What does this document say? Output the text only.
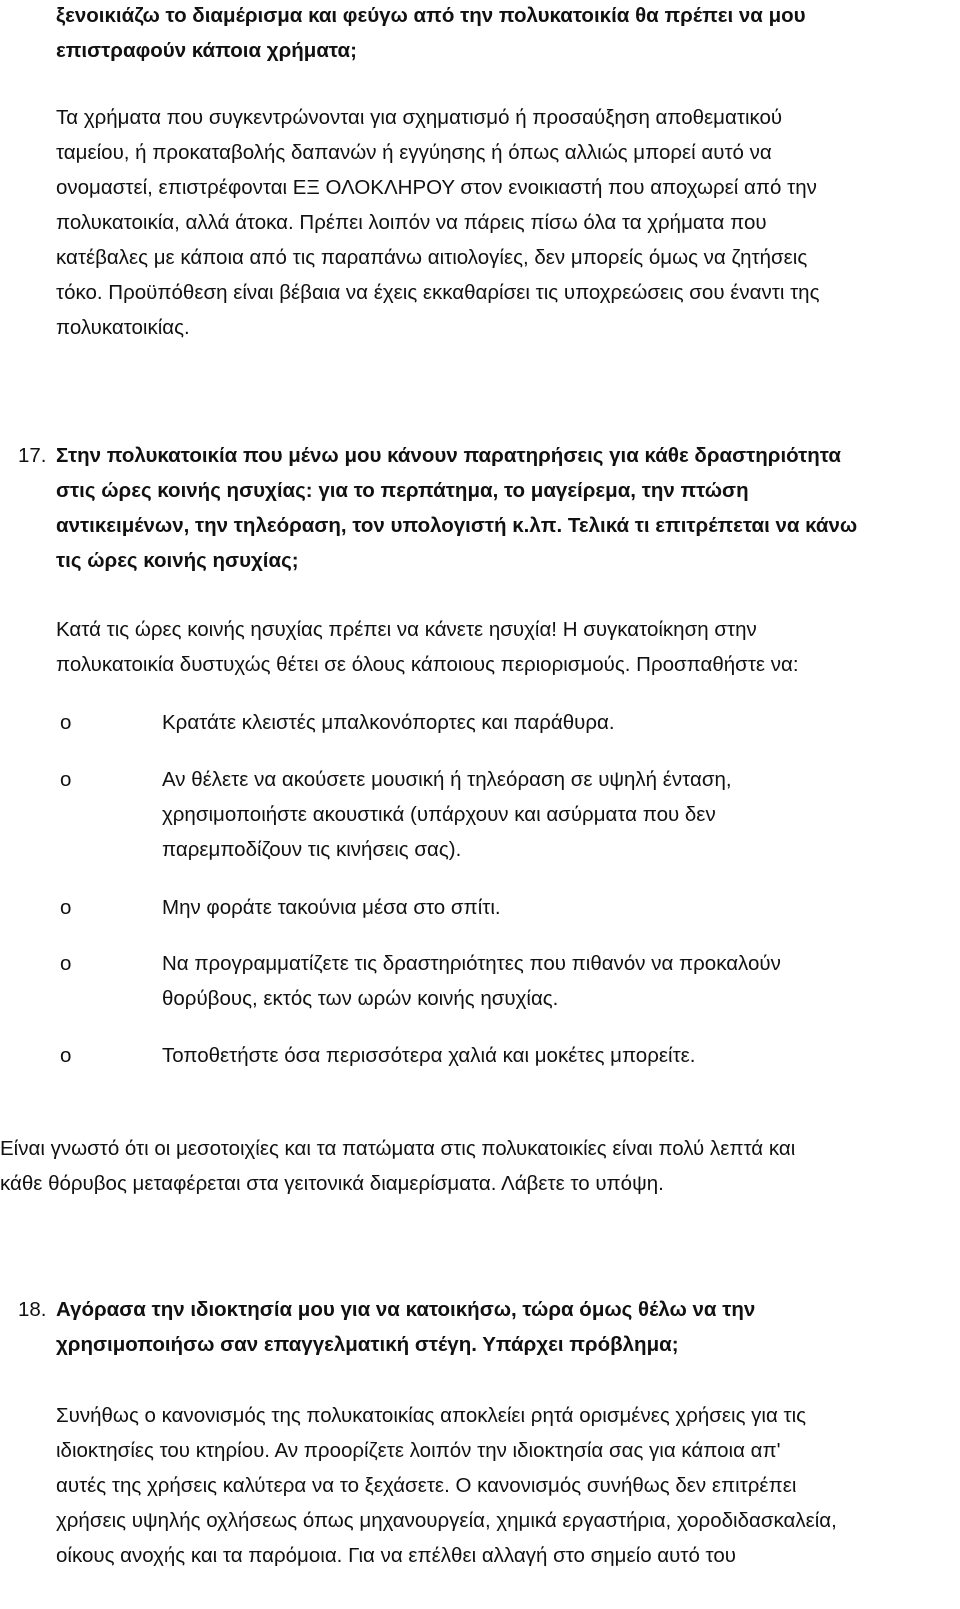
ξενοικιάζω το διαμέρισμα και φεύγω από την πολυκατοικία θα πρέπει να μου

επιστραφούν κάποια χρήματα;

Τα χρήματα που συγκεντρώνονται για σχηματισμό ή προσαύξηση αποθεματικού

ταμείου, ή προκαταβολής δαπανών ή εγγύησης ή όπως αλλιώς μπορεί αυτό να

ονομαστεί, επιστρέφονται ΕΞ ΟΛΟΚΛΗΡΟΥ στον ενοικιαστή που αποχωρεί από την

πολυκατοικία, αλλά άτοκα. Πρέπει λοιπόν να πάρεις πίσω όλα τα χρήματα που

κατέβαλες με κάποια από τις παραπάνω αιτιολογίες, δεν μπορείς όμως να ζητήσεις

τόκο. Προϋπόθεση είναι βέβαια να έχεις εκκαθαρίσει τις υποχρεώσεις σου έναντι της

πολυκατοικίας.

17. Στην πολυκατοικία που μένω μου κάνουν παρατηρήσεις για κάθε δραστηριότητα

στις ώρες κοινής ησυχίας: για το περπάτημα, το μαγείρεμα, την πτώση

αντικειμένων, την τηλεόραση, τον υπολογιστή κ.λπ. Τελικά τι επιτρέπεται να κάνω

τις ώρες κοινής ησυχίας;

Κατά τις ώρες κοινής ησυχίας πρέπει να κάνετε ησυχία! Η συγκατοίκηση στην

πολυκατοικία δυστυχώς θέτει σε όλους κάποιους περιορισμούς. Προσπαθήστε να:

o	Κρατάτε κλειστές μπαλκονόπορτες και παράθυρα.

o	Αν θέλετε να ακούσετε μουσική ή τηλεόραση σε υψηλή ένταση,

χρησιμοποιήστε ακουστικά (υπάρχουν και ασύρματα που δεν

παρεμποδίζουν τις κινήσεις σας).

o	Μην φοράτε τακούνια μέσα στο σπίτι.

o	Να προγραμματίζετε τις δραστηριότητες που πιθανόν να προκαλούν

θορύβους, εκτός των ωρών κοινής ησυχίας.

o	Τοποθετήστε όσα περισσότερα χαλιά και μοκέτες μπορείτε.

Είναι γνωστό ότι οι μεσοτοιχίες και τα πατώματα στις πολυκατοικίες είναι πολύ λεπτά και

κάθε θόρυβος μεταφέρεται στα γειτονικά διαμερίσματα. Λάβετε το υπόψη.

18. Αγόρασα την ιδιοκτησία μου για να κατοικήσω, τώρα όμως θέλω να την

χρησιμοποιήσω σαν επαγγελματική στέγη. Υπάρχει πρόβλημα;

Συνήθως ο κανονισμός της πολυκατοικίας αποκλείει ρητά ορισμένες χρήσεις για τις

ιδιοκτησίες του κτηρίου. Αν προορίζετε λοιπόν την ιδιοκτησία σας για κάποια απ'

αυτές της χρήσεις καλύτερα να το ξεχάσετε. Ο κανονισμός συνήθως δεν επιτρέπει

χρήσεις υψηλής οχλήσεως όπως μηχανουργεία, χημικά εργαστήρια, χοροδιδασκαλεία,

οίκους ανοχής και τα παρόμοια. Για να επέλθει αλλαγή στο σημείο αυτό του
